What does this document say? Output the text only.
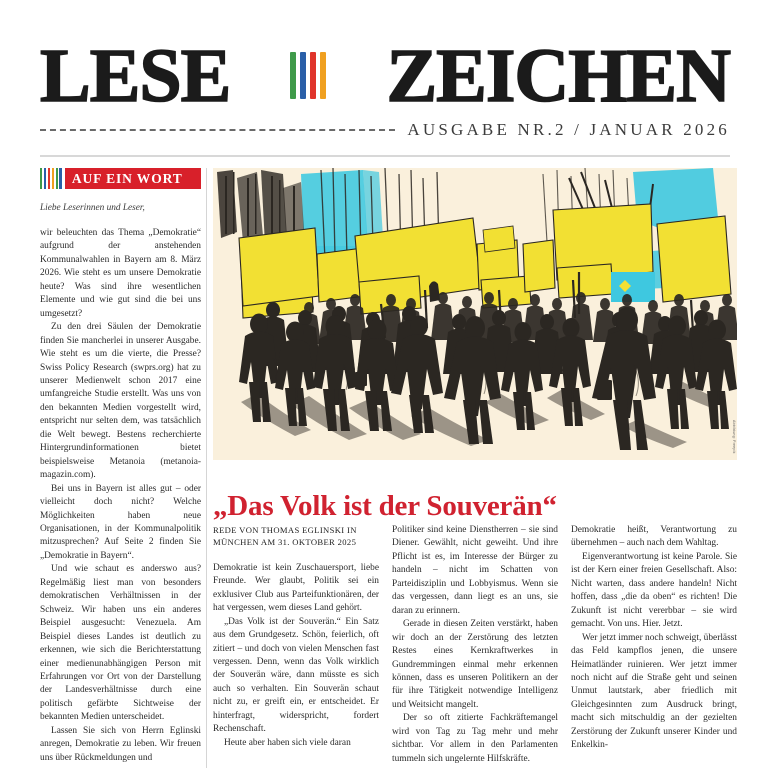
LESE ZEICHEN
AUSGABE NR.2 / JANUAR 2026
AUF EIN WORT
Liebe Leserinnen und Leser,

wir beleuchten das Thema „Demokratie“ aufgrund der anstehenden Kommunalwahlen in Bayern am 8. März 2026. Wie steht es um unsere Demokratie heute? Was sind ihre wesentlichen Elemente und wie gut sind die bei uns umgesetzt?

Zu den drei Säulen der Demokratie finden Sie mancherlei in unserer Ausgabe. Wie steht es um die vierte, die Presse? Swiss Policy Research (swprs.org) hat zu unserer Medienwelt schon 2017 eine umfangreiche Studie erstellt. Was uns von den bekannten Medien vorgestellt wird, entspricht nur selten dem, was tatsächlich die Welt bewegt. Bestens recherchierte Hintergrundinformationen bietet beispielsweise Metanoia (metanoia-magazin.com).

Bei uns in Bayern ist alles gut – oder vielleicht doch nicht? Welche Möglichkeiten haben neue Organisationen, in der Kommunalpolitik mitzusprechen? Auf Seite 2 finden Sie „Demokratie in Bayern“.

Und wie schaut es anderswo aus? Regelmäßig liest man von besonders demokratischen Verhältnissen in der Schweiz. Wir haben uns ein anderes Beispiel ausgesucht: Venezuela. Am Beispiel dieses Landes ist deutlich zu erkennen, wie sich die Berichterstattung einer medienunabhängigen Person mit Erfahrungen vor Ort von der Darstellung der Landesverhältnisse durch eine politisch gefärbte Sichtweise der bekannten Medien unterscheidet.

Lassen Sie sich von Herrn Eglinski anregen, Demokratie zu leben. Wir freuen uns über Rückmeldungen und

Abbildung: Freepik
„Das Volk ist der Souverän“
REDE VON THOMAS EGLINSKI IN MÜNCHEN AM 31. OKTOBER 2025

Demokratie ist kein Zuschauersport, liebe Freunde. Wer glaubt, Politik sei ein exklusiver Club aus Parteifunktionären, der hat vergessen, wem dieses Land gehört.

„Das Volk ist der Souverän.“ Ein Satz aus dem Grundgesetz. Schön, feierlich, oft zitiert – und doch von vielen Menschen fast vergessen. Denn, wenn das Volk wirklich der Souverän wäre, dann müsste es sich auch so verhalten. Ein Souverän schaut nicht zu, er greift ein, er entscheidet. Er hinterfragt, widerspricht, fordert Rechenschaft.

Heute aber haben sich viele daran

Politiker sind keine Dienstherren – sie sind Diener. Gewählt, nicht geweiht. Und ihre Pflicht ist es, im Interesse der Bürger zu handeln – nicht im Schatten von Parteidisziplin und Lobbyismus. Wenn sie das vergessen, dann liegt es an uns, sie daran zu erinnern.

Gerade in diesen Zeiten verstärkt, haben wir doch an der Zerstörung des letzten Restes eines Kernkraftwerkes in Gundremmingen einmal mehr erkennen können, dass es unseren Politikern an der für ihre Tätigkeit notwendige Intelligenz und Weitsicht mangelt.

Der so oft zitierte Fachkräftemangel wird von Tag zu Tag mehr und mehr sichtbar. Vor allem in den Parlamenten tummeln sich ungelernte Hilfskräfte.

Demokratie heißt, Verantwortung zu übernehmen – auch nach dem Wahltag.

Eigenverantwortung ist keine Parole. Sie ist der Kern einer freien Gesellschaft. Also: Nicht warten, dass andere handeln! Nicht hoffen, dass „die da oben“ es richten! Die Zukunft ist nicht vererbbar – sie wird gemacht. Von uns. Hier. Jetzt.

Wer jetzt immer noch schweigt, überlässt das Feld kampflos jenen, die unsere Heimatländer ruinieren. Wer jetzt immer noch nicht auf die Straße geht und seinen Unmut lautstark, aber friedlich mit Gleichgesinnten zum Ausdruck bringt, macht sich mitschuldig an der gezielten Zerstörung der Zukunft unserer Kinder und Enkelkin-
